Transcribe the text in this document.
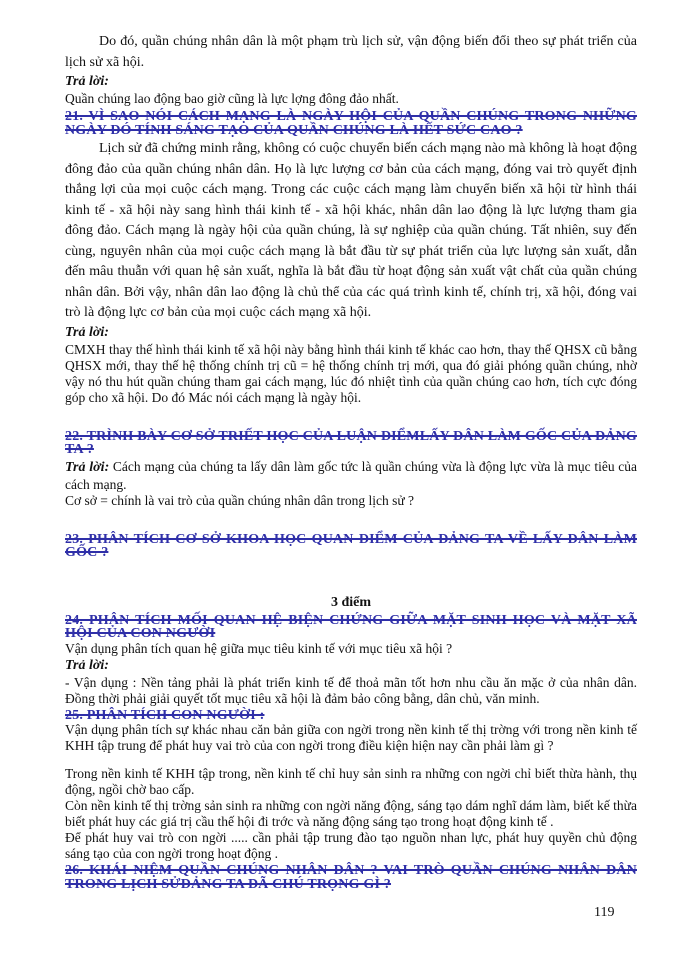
Do đó, quần chúng nhân dân là một phạm trù lịch sử, vận động biến đổi theo sự phát triển của lịch sử xã hội.

Trả lời:

Quần chúng lao động bao giờ cũng là lực lợng đông đảo nhất.

21. VÌ SAO NÓI CÁCH MẠNG LÀ NGÀY HỘI CỦA QUẦN CHÚNG TRONG NHỮNG NGÀY ĐÓ TÍNH SÁNG TẠO CỦA QUẦN CHÚNG LÀ HẾT SỨC CAO ?

Lịch sử đã chứng minh rằng, không có cuộc chuyển biến cách mạng nào mà không là hoạt động đông đảo của quần chúng nhân dân. Họ là lực lượng cơ bản của cách mạng, đóng vai trò quyết định thắng lợi của mọi cuộc cách mạng. Trong các cuộc cách mạng làm chuyển biến xã hội từ hình thái kinh tế - xã hội này sang hình thái kinh tế - xã hội khác, nhân dân lao động là lực lượng tham gia đông đảo. Cách mạng là ngày hội của quần chúng, là sự nghiệp của quần chúng. Tất nhiên, suy đến cùng, nguyên nhân của mọi cuộc cách mạng là bắt đầu từ sự phát triển của lực lượng sản xuất, dẫn đến mâu thuẫn với quan hệ sản xuất, nghĩa là bắt đầu từ hoạt động sản xuất vật chất của quần chúng nhân dân. Bởi vậy, nhân dân lao động là chủ thể của các quá trình kinh tế, chính trị, xã hội, đóng vai trò là động lực cơ bản của mọi cuộc cách mạng xã hội.

Trả lời:

CMXH thay thế hình thái kinh tế xã hội này bằng hình thái kinh tế khác cao hơn, thay thế QHSX cũ bằng QHSX mới, thay thế hệ thống chính trị cũ = hệ thống chính trị mới, qua đó giải phóng quần chúng, nhờ vậy nó thu hút quần chúng tham gai cách mạng, lúc đó nhiệt tình của quần chúng cao hơn, tích cực đóng góp cho xã hội. Do đó Mác nói cách mạng là ngày hội.

22. TRÌNH BÀY CƠ SỞ TRIẾT HỌC CỦA LUẬN ĐIỂMLẤY DÂN LÀM GỐC CỦA ĐẢNG TA ?

Trả lời: Cách mạng của chúng ta lấy dân làm gốc tức là quần chúng vừa là động lực vừa là mục tiêu của cách mạng.

Cơ sở = chính là vai trò của quần chúng nhân dân trong lịch sử ?

23. PHÂN TÍCH CƠ SỞ KHOA HỌC QUAN ĐIỂM CỦA ĐẢNG TA VỀ LẤY DÂN LÀM GỐC ?

3 điểm

24. PHÂN TÍCH MỐI QUAN HỆ BIỆN CHỨNG GIỮA MẶT SINH HỌC VÀ MẶT XÃ HỘI CỦA CON NGƯỜI

Vận dụng phân tích quan hệ giữa mục tiêu kinh tế với mục tiêu xã hội ?

Trả lời:

- Vận dụng : Nền tảng phải là phát triển kinh tế để thoả mãn tốt hơn nhu cầu ăn mặc ở của nhân dân. Đồng thời phải giải quyết tốt mục tiêu xã hội là đảm bảo công bằng, dân chủ, văn minh.

25. PHÂN TÍCH CON NGƯỜI :

Vận dụng phân tích sự khác nhau căn bản giữa con ngời trong nền kinh tế thị trờng với trong nền kinh tế KHH tập trung để phát huy vai trò của con ngời trong điều kiện hiện nay cần phải làm gì ?

Trong nền kinh tế KHH tập trong, nền kinh tế chỉ huy sản sinh ra những con ngời chỉ biết thừa hành, thụ động, ngồi chờ bao cấp.

Còn nền kinh tế thị trờng sản sinh ra những con ngời năng động, sáng tạo dám nghĩ dám làm, biết kế thừa biết phát huy các giá trị cầu thế hội đi trớc và năng động sáng tạo trong hoạt động kinh tế .

Để phát huy vai trò con ngời ..... cần phải tập trung đào tạo nguồn nhan lực, phát huy quyền chủ động sáng tạo của con ngời trong hoạt động .

26. KHÁI NIỆM QUẦN CHÚNG NHÂN DÂN ? VAI TRÒ QUẦN CHÚNG NHÂN DÂN TRONG LỊCH SỬĐẢNG TA ĐÃ CHÚ TRỌNG GÌ ?

119
